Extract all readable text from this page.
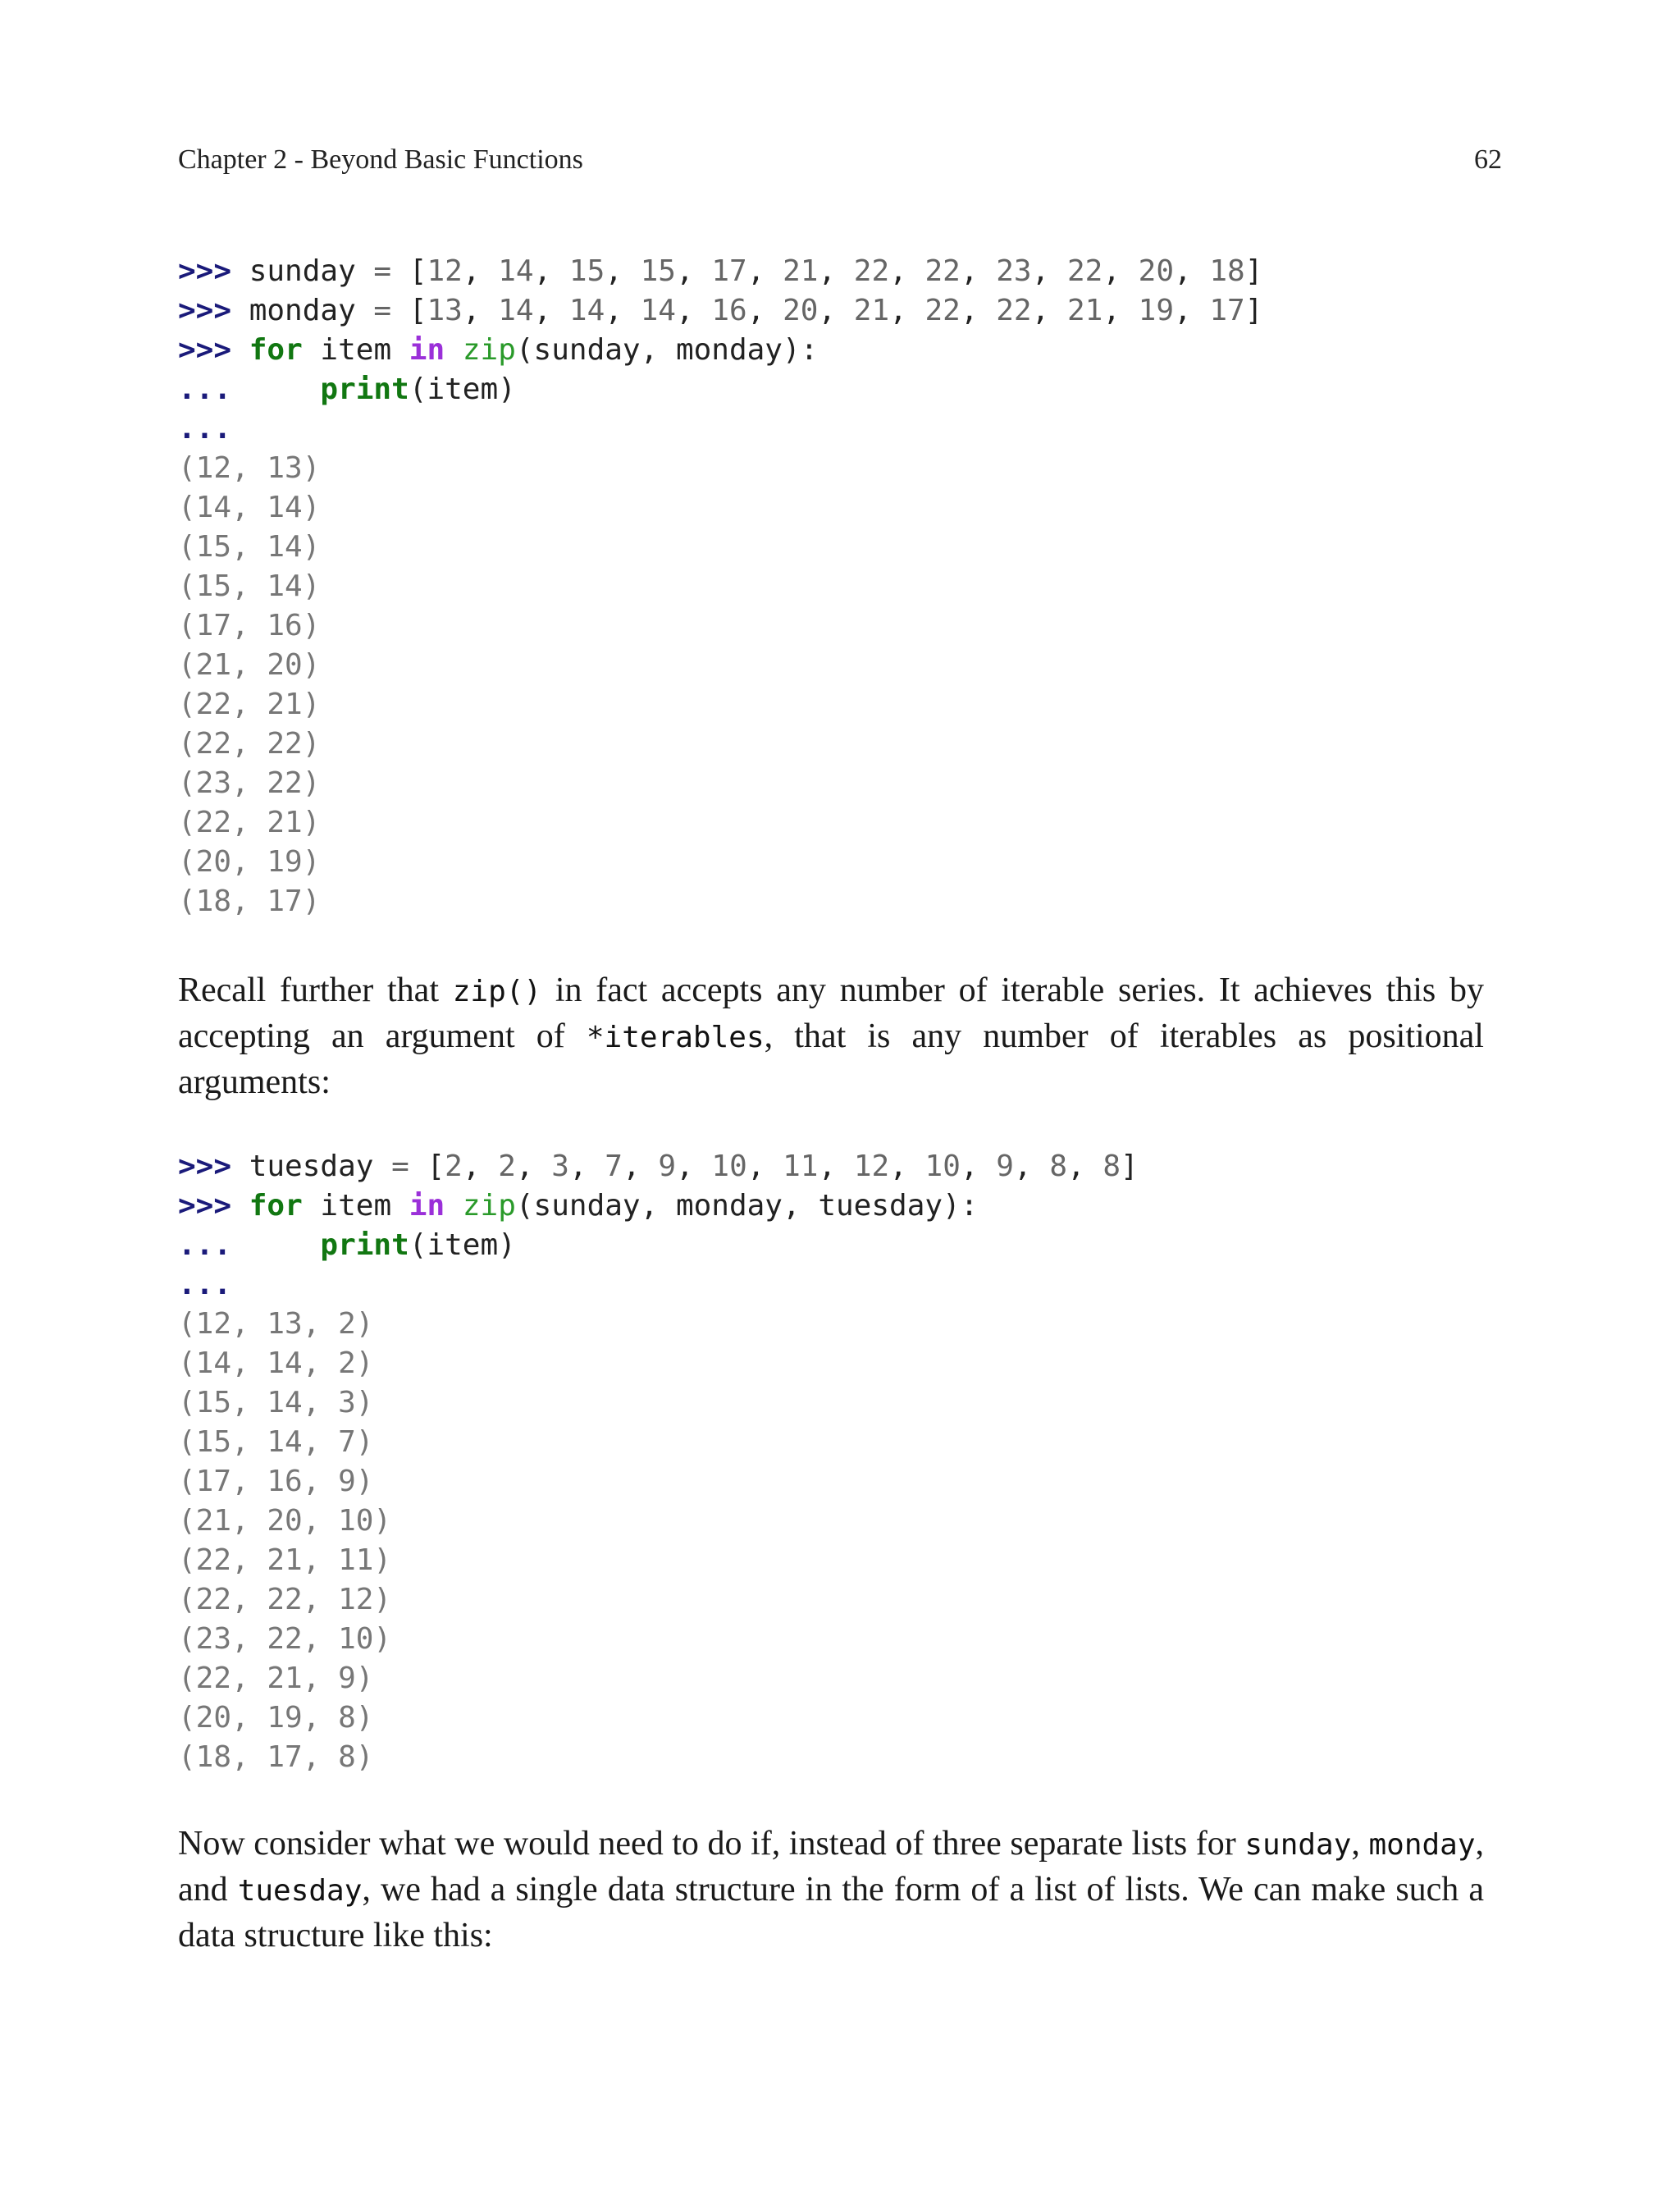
Chapter 2 - Beyond Basic Functions	62
>>> sunday = [12, 14, 15, 15, 17, 21, 22, 22, 23, 22, 20, 18]
>>> monday = [13, 14, 14, 14, 16, 20, 21, 22, 22, 21, 19, 17]
>>> for item in zip(sunday, monday):
...	print(item)
...
(12, 13)
(14, 14)
(15, 14)
(15, 14)
(17, 16)
(21, 20)
(22, 21)
(22, 22)
(23, 22)
(22, 21)
(20, 19)
(18, 17)
Recall further that zip() in fact accepts any number of iterable series. It achieves this by accepting an argument of *iterables, that is any number of iterables as positional arguments:
>>> tuesday = [2, 2, 3, 7, 9, 10, 11, 12, 10, 9, 8, 8]
>>> for item in zip(sunday, monday, tuesday):
...	print(item)
...
(12, 13, 2)
(14, 14, 2)
(15, 14, 3)
(15, 14, 7)
(17, 16, 9)
(21, 20, 10)
(22, 21, 11)
(22, 22, 12)
(23, 22, 10)
(22, 21, 9)
(20, 19, 8)
(18, 17, 8)
Now consider what we would need to do if, instead of three separate lists for sunday, monday, and tuesday, we had a single data structure in the form of a list of lists. We can make such a data structure like this:
